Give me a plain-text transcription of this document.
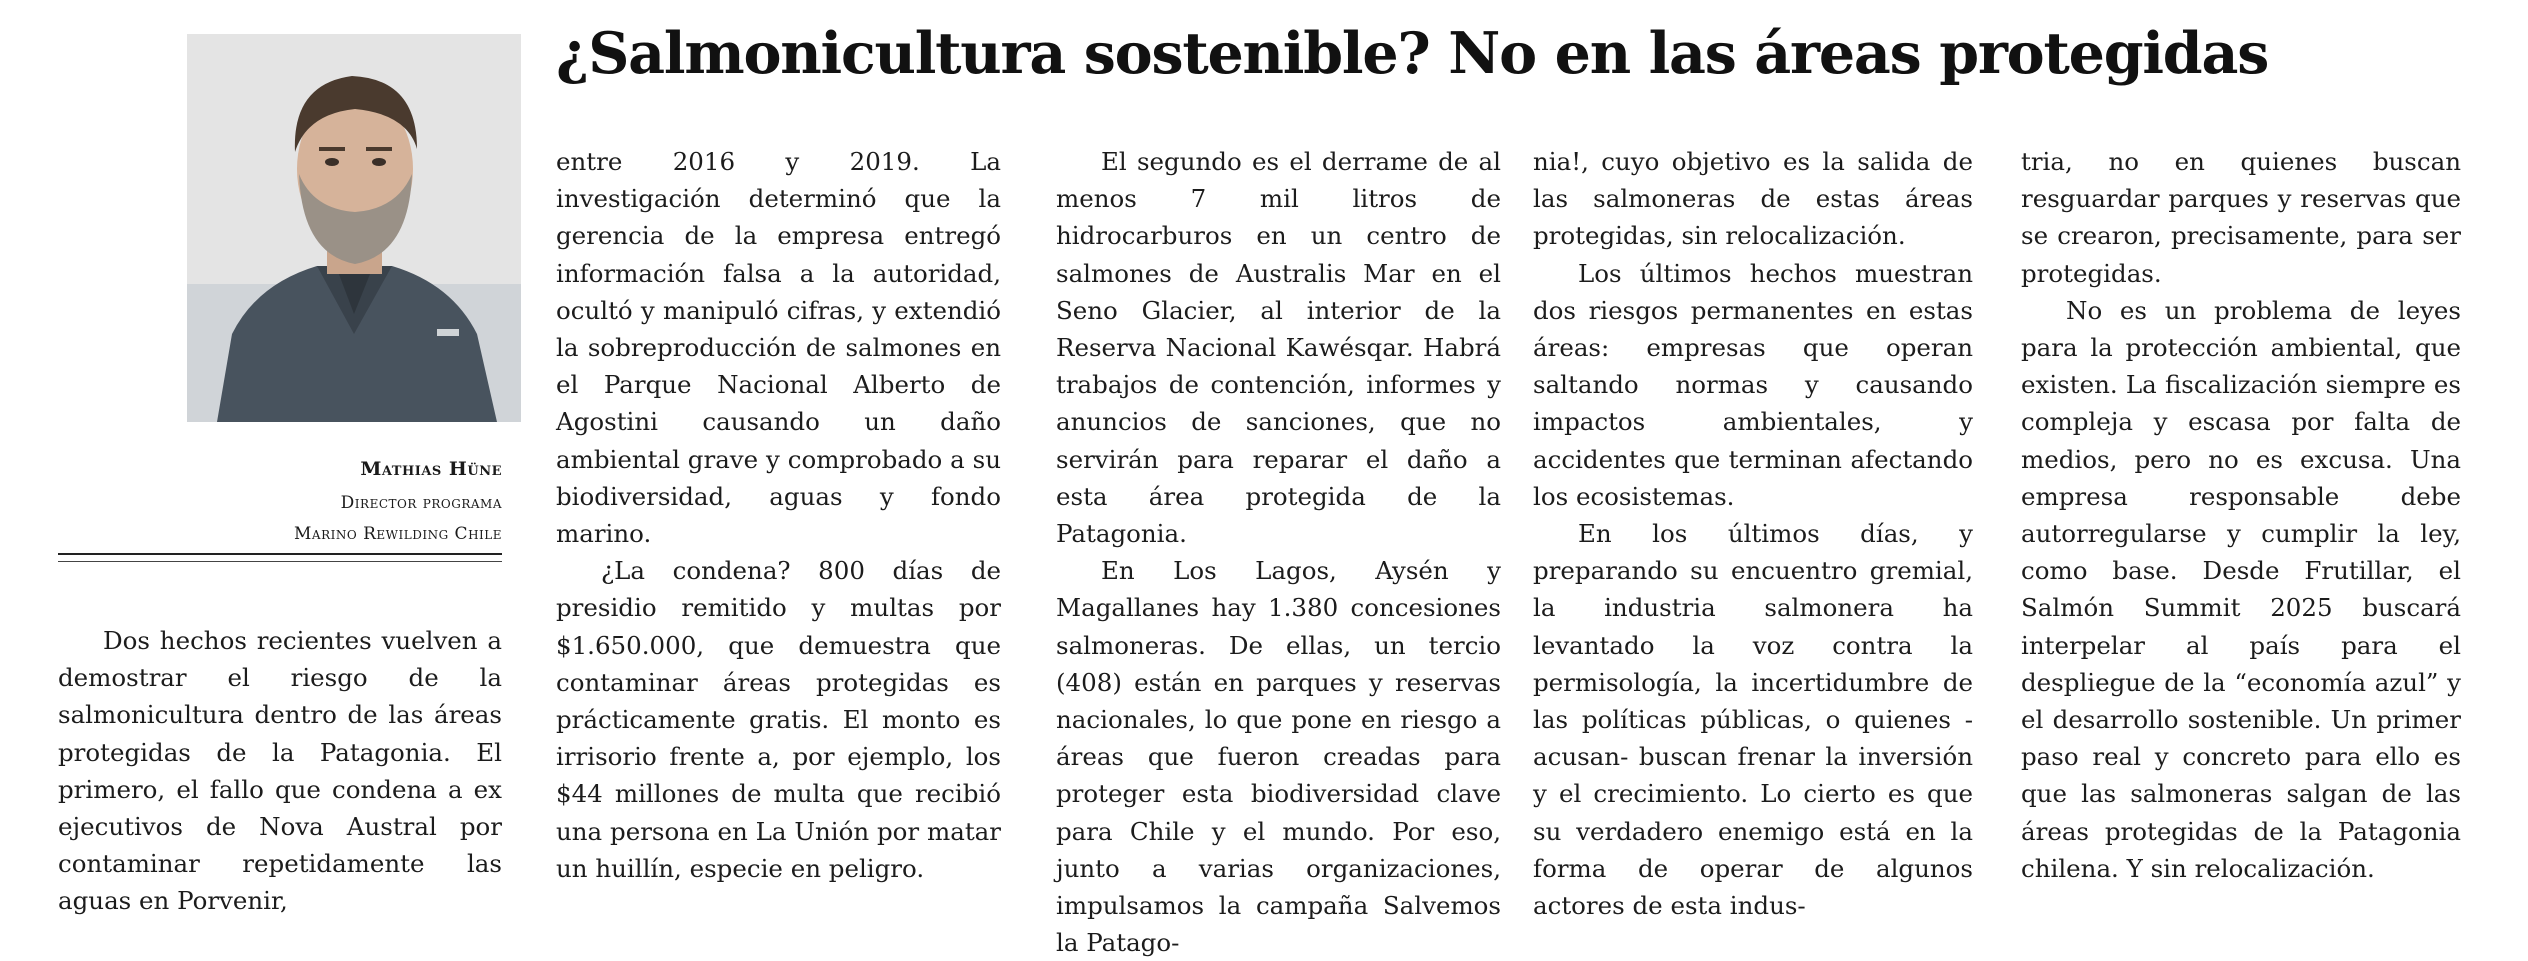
Mathias Hüne
Director programa
Marino Rewilding Chile
¿Salmonicultura sostenible? No en las áreas protegidas

Dos hechos recientes vuelven a demostrar el riesgo de la salmonicultura dentro de las áreas protegidas de la Patagonia. El primero, el fallo que condena a ex ejecutivos de Nova Austral por contaminar repetidamente las aguas en Porvenir,

entre 2016 y 2019. La investigación determinó que la gerencia de la empresa entregó información falsa a la autoridad, ocultó y manipuló cifras, y extendió la sobreproducción de salmones en el Parque Nacional Alberto de Agostini causando un daño ambiental grave y comprobado a su biodiversidad, aguas y fondo marino.

¿La condena? 800 días de presidio remitido y multas por $1.650.000, que demuestra que contaminar áreas protegidas es prácticamente gratis. El monto es irrisorio frente a, por ejemplo, los $44 millones de multa que recibió una persona en La Unión por matar un huillín, especie en peligro.

El segundo es el derrame de al menos 7 mil litros de hidrocarburos en un centro de salmones de Australis Mar en el Seno Glacier, al interior de la Reserva Nacional Kawésqar. Habrá trabajos de contención, informes y anuncios de sanciones, que no servirán para reparar el daño a esta área protegida de la Patagonia.

En Los Lagos, Aysén y Magallanes hay 1.380 concesiones salmoneras. De ellas, un tercio (408) están en parques y reservas nacionales, lo que pone en riesgo a áreas que fueron creadas para proteger esta biodiversidad clave para Chile y el mundo. Por eso, junto a varias organizaciones, impulsamos la campaña Salvemos la Patago-

nia!, cuyo objetivo es la salida de las salmoneras de estas áreas protegidas, sin relocalización.

Los últimos hechos muestran dos riesgos permanentes en estas áreas: empresas que operan saltando normas y causando impactos ambientales, y accidentes que terminan afectando los ecosistemas.

En los últimos días, y preparando su encuentro gremial, la industria salmonera ha levantado la voz contra la permisología, la incertidumbre de las políticas públicas, o quienes -acusan- buscan frenar la inversión y el crecimiento. Lo cierto es que su verdadero enemigo está en la forma de operar de algunos actores de esta indus-

tria, no en quienes buscan resguardar parques y reservas que se crearon, precisamente, para ser protegidas.

No es un problema de leyes para la protección ambiental, que existen. La fiscalización siempre es compleja y escasa por falta de medios, pero no es excusa. Una empresa responsable debe autorregularse y cumplir la ley, como base. Desde Frutillar, el Salmón Summit 2025 buscará interpelar al país para el despliegue de la “economía azul” y el desarrollo sostenible. Un primer paso real y concreto para ello es que las salmoneras salgan de las áreas protegidas de la Patagonia chilena. Y sin relocalización.
